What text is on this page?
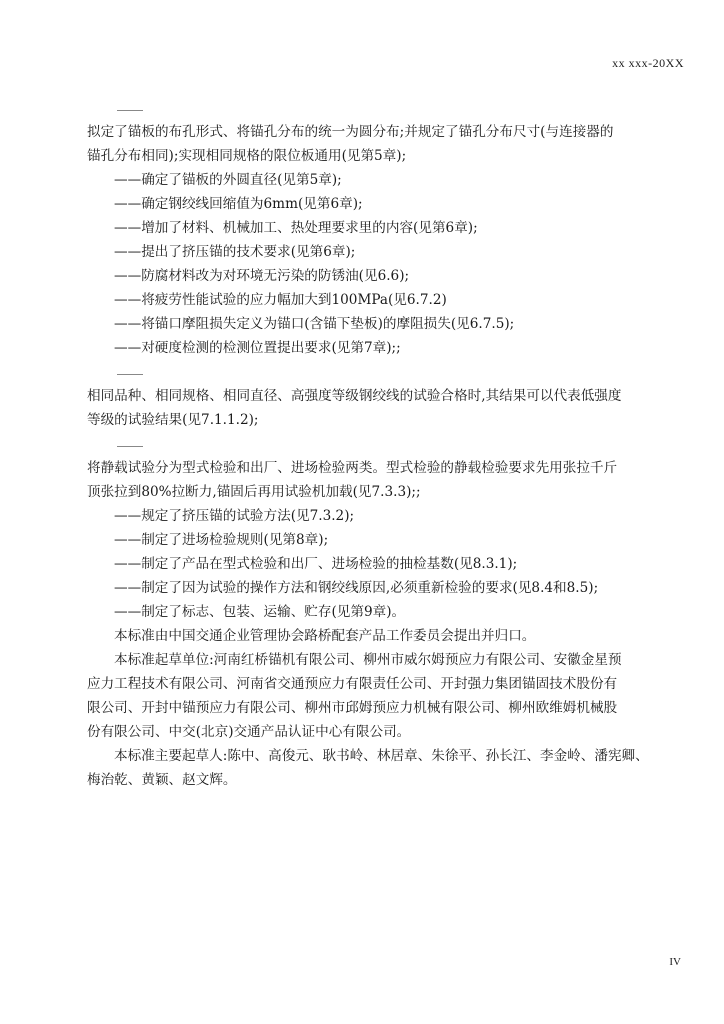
xx xxx-20XX
拟定了锚板的布孔形式、将锚孔分布的统一为圆分布;并规定了锚孔分布尺寸(与连接器的
锚孔分布相同);实现相同规格的限位板通用(见第5章);
——确定了锚板的外圆直径(见第5章);
——确定钢绞线回缩值为6mm(见第6章);
——增加了材料、机械加工、热处理要求里的内容(见第6章);
——提出了挤压锚的技术要求(见第6章);
——防腐材料改为对环境无污染的防锈油(见6.6);
——将疲劳性能试验的应力幅加大到100MPa(见6.7.2)
——将锚口摩阻损失定义为锚口(含锚下垫板)的摩阻损失(见6.7.5);
——对硬度检测的检测位置提出要求(见第7章);;
相同品种、相同规格、相同直径、高强度等级钢绞线的试验合格时,其结果可以代表低强度
等级的试验结果(见7.1.1.2);
将静载试验分为型式检验和出厂、进场检验两类。型式检验的静载检验要求先用张拉千斤
顶张拉到80%拉断力,锚固后再用试验机加载(见7.3.3);;
——规定了挤压锚的试验方法(见7.3.2);
——制定了进场检验规则(见第8章);
——制定了产品在型式检验和出厂、进场检验的抽检基数(见8.3.1);
——制定了因为试验的操作方法和钢绞线原因,必须重新检验的要求(见8.4和8.5);
——制定了标志、包装、运输、贮存(见第9章)。
本标准由中国交通企业管理协会路桥配套产品工作委员会提出并归口。
本标准起草单位:河南红桥锚机有限公司、柳州市威尔姆预应力有限公司、安徽金星预
应力工程技术有限公司、河南省交通预应力有限责任公司、开封强力集团锚固技术股份有
限公司、开封中锚预应力有限公司、柳州市邱姆预应力机械有限公司、柳州欧维姆机械股
份有限公司、中交(北京)交通产品认证中心有限公司。
本标准主要起草人:陈中、高俊元、耿书岭、林居章、朱徐平、孙长江、李金岭、潘宪卿、
梅治乾、黄颖、赵文辉。
IV
